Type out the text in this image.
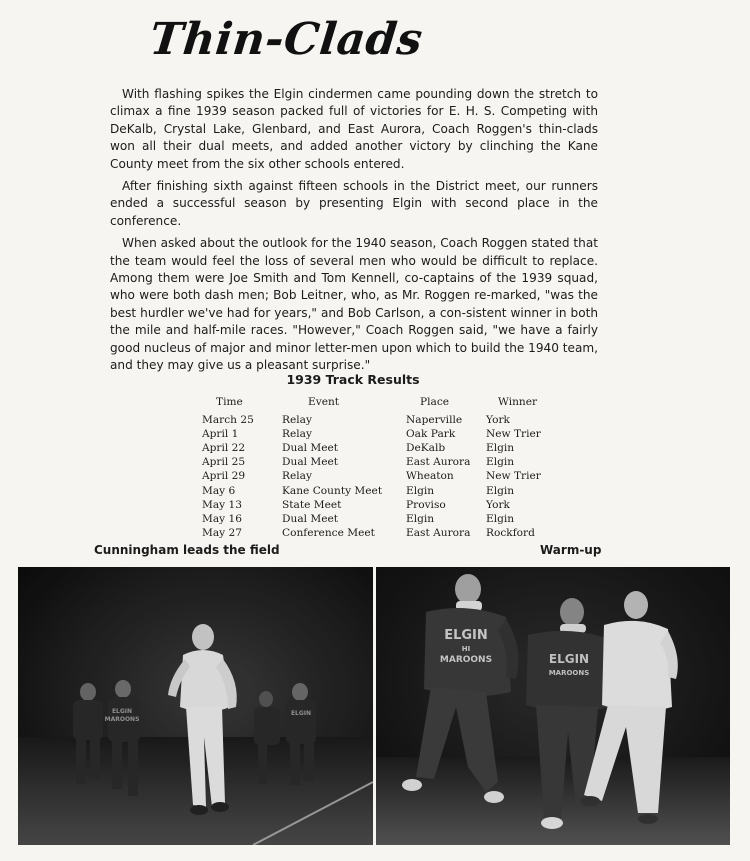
Thin-Clads

With flashing spikes the Elgin cindermen came pounding down the stretch to climax a fine 1939 season packed full of victories for E. H. S. Competing with DeKalb, Crystal Lake, Glenbard, and East Aurora, Coach Roggen's thin-clads won all their dual meets, and added another victory by clinching the Kane County meet from the six other schools entered.

After finishing sixth against fifteen schools in the District meet, our runners ended a successful season by presenting Elgin with second place in the conference.

When asked about the outlook for the 1940 season, Coach Roggen stated that the team would feel the loss of several men who would be difficult to replace. Among them were Joe Smith and Tom Kennell, co-captains of the 1939 squad, who were both dash men; Bob Leitner, who, as Mr. Roggen re-marked, "was the best hurdler we've had for years," and Bob Carlson, a con-sistent winner in both the mile and half-mile races. "However," Coach Roggen said, "we have a fairly good nucleus of major and minor letter-men upon which to build the 1940 team, and they may give us a pleasant surprise."

1939 Track Results
Time	Event	Place	Winner
March 25	Relay	Naperville	York
April 1	Relay	Oak Park	New Trier
April 22	Dual Meet	DeKalb	Elgin
April 25	Dual Meet	East Aurora	Elgin
April 29	Relay	Wheaton	New Trier
May 6	Kane County Meet	Elgin	Elgin
May 13	State Meet	Proviso	York
May 16	Dual Meet	Elgin	Elgin
May 27	Conference Meet	East Aurora	Rockford
Cunningham leads the field	Warm-up
ELGIN
MAROONS
ELGIN
ELGIN
HI
MAROONS	ELGIN
MAROONS
